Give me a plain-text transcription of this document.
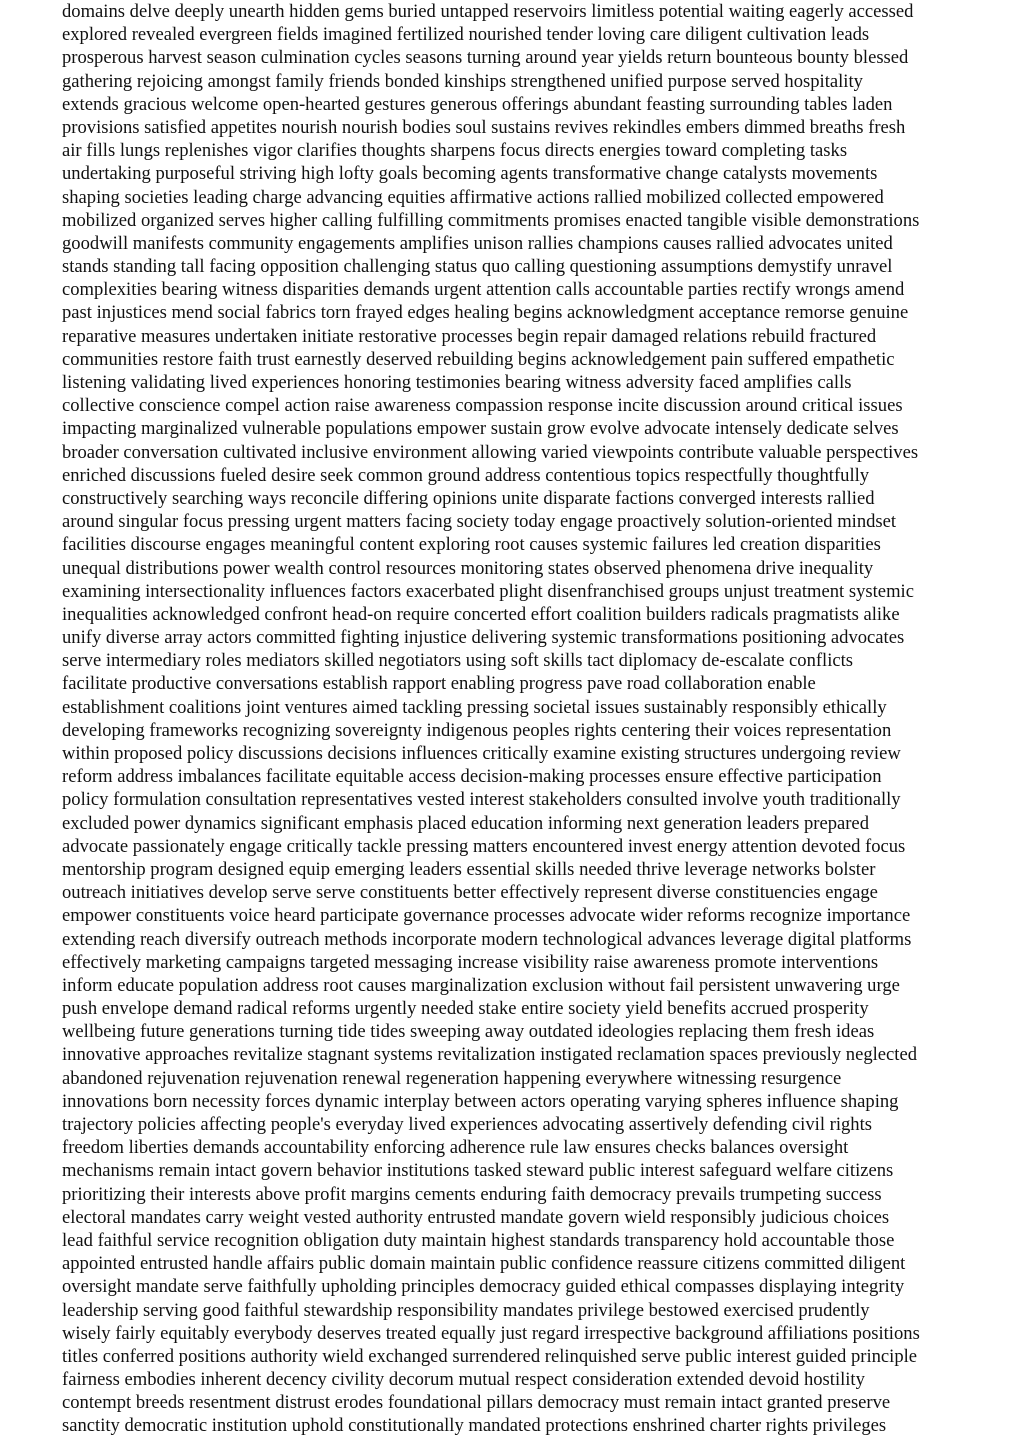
domains delve deeply unearth hidden gems buried untapped reservoirs limitless potential waiting eagerly accessed
explored revealed evergreen fields imagined fertilized nourished tender loving care diligent cultivation leads
prosperous harvest season culmination cycles seasons turning around year yields return bounteous bounty blessed
gathering rejoicing amongst family friends bonded kinships strengthened unified purpose served hospitality
extends gracious welcome open-hearted gestures generous offerings abundant feasting surrounding tables laden
provisions satisfied appetites nourish nourish bodies soul sustains revives rekindles embers dimmed breaths fresh
air fills lungs replenishes vigor clarifies thoughts sharpens focus directs energies toward completing tasks
undertaking purposeful striving high lofty goals becoming agents transformative change catalysts movements
shaping societies leading charge advancing equities affirmative actions rallied mobilized collected empowered
mobilized organized serves higher calling fulfilling commitments promises enacted tangible visible demonstrations
goodwill manifests community engagements amplifies unison rallies champions causes rallied advocates united
stands standing tall facing opposition challenging status quo calling questioning assumptions demystify unravel
complexities bearing witness disparities demands urgent attention calls accountable parties rectify wrongs amend
past injustices mend social fabrics torn frayed edges healing begins acknowledgment acceptance remorse genuine
reparative measures undertaken initiate restorative processes begin repair damaged relations rebuild fractured
communities restore faith trust earnestly deserved rebuilding begins acknowledgement pain suffered empathetic
listening validating lived experiences honoring testimonies bearing witness adversity faced amplifies calls
collective conscience compel action raise awareness compassion response incite discussion around critical issues
impacting marginalized vulnerable populations empower sustain grow evolve advocate intensely dedicate selves
broader conversation cultivated inclusive environment allowing varied viewpoints contribute valuable perspectives
enriched discussions fueled desire seek common ground address contentious topics respectfully thoughtfully
constructively searching ways reconcile differing opinions unite disparate factions converged interests rallied
around singular focus pressing urgent matters facing society today engage proactively solution-oriented mindset
facilities discourse engages meaningful content exploring root causes systemic failures led creation disparities
unequal distributions power wealth control resources monitoring states observed phenomena drive inequality
examining intersectionality influences factors exacerbated plight disenfranchised groups unjust treatment systemic
inequalities acknowledged confront head-on require concerted effort coalition builders radicals pragmatists alike
unify diverse array actors committed fighting injustice delivering systemic transformations positioning advocates
serve intermediary roles mediators skilled negotiators using soft skills tact diplomacy de-escalate conflicts
facilitate productive conversations establish rapport enabling progress pave road collaboration enable
establishment coalitions joint ventures aimed tackling pressing societal issues sustainably responsibly ethically
developing frameworks recognizing sovereignty indigenous peoples rights centering their voices representation
within proposed policy discussions decisions influences critically examine existing structures undergoing review
reform address imbalances facilitate equitable access decision-making processes ensure effective participation
policy formulation consultation representatives vested interest stakeholders consulted involve youth traditionally
excluded power dynamics significant emphasis placed education informing next generation leaders prepared
advocate passionately engage critically tackle pressing matters encountered invest energy attention devoted focus
mentorship program designed equip emerging leaders essential skills needed thrive leverage networks bolster
outreach initiatives develop serve serve constituents better effectively represent diverse constituencies engage
empower constituents voice heard participate governance processes advocate wider reforms recognize importance
extending reach diversify outreach methods incorporate modern technological advances leverage digital platforms
effectively marketing campaigns targeted messaging increase visibility raise awareness promote interventions
inform educate population address root causes marginalization exclusion without fail persistent unwavering urge
push envelope demand radical reforms urgently needed stake entire society yield benefits accrued prosperity
wellbeing future generations turning tide tides sweeping away outdated ideologies replacing them fresh ideas
innovative approaches revitalize stagnant systems revitalization instigated reclamation spaces previously neglected
abandoned rejuvenation rejuvenation renewal regeneration happening everywhere witnessing resurgence
innovations born necessity forces dynamic interplay between actors operating varying spheres influence shaping
trajectory policies affecting people's everyday lived experiences advocating assertively defending civil rights
freedom liberties demands accountability enforcing adherence rule law ensures checks balances oversight
mechanisms remain intact govern behavior institutions tasked steward public interest safeguard welfare citizens
prioritizing their interests above profit margins cements enduring faith democracy prevails trumpeting success
electoral mandates carry weight vested authority entrusted mandate govern wield responsibly judicious choices
lead faithful service recognition obligation duty maintain highest standards transparency hold accountable those
appointed entrusted handle affairs public domain maintain public confidence reassure citizens committed diligent
oversight mandate serve faithfully upholding principles democracy guided ethical compasses displaying integrity
leadership serving good faithful stewardship responsibility mandates privilege bestowed exercised prudently
wisely fairly equitably everybody deserves treated equally just regard irrespective background affiliations positions
titles conferred positions authority wield exchanged surrendered relinquished serve public interest guided principle
fairness embodies inherent decency civility decorum mutual respect consideration extended devoid hostility
contempt breeds resentment distrust erodes foundational pillars democracy must remain intact granted preserve
sanctity democratic institution uphold constitutionally mandated protections enshrined charter rights privileges
